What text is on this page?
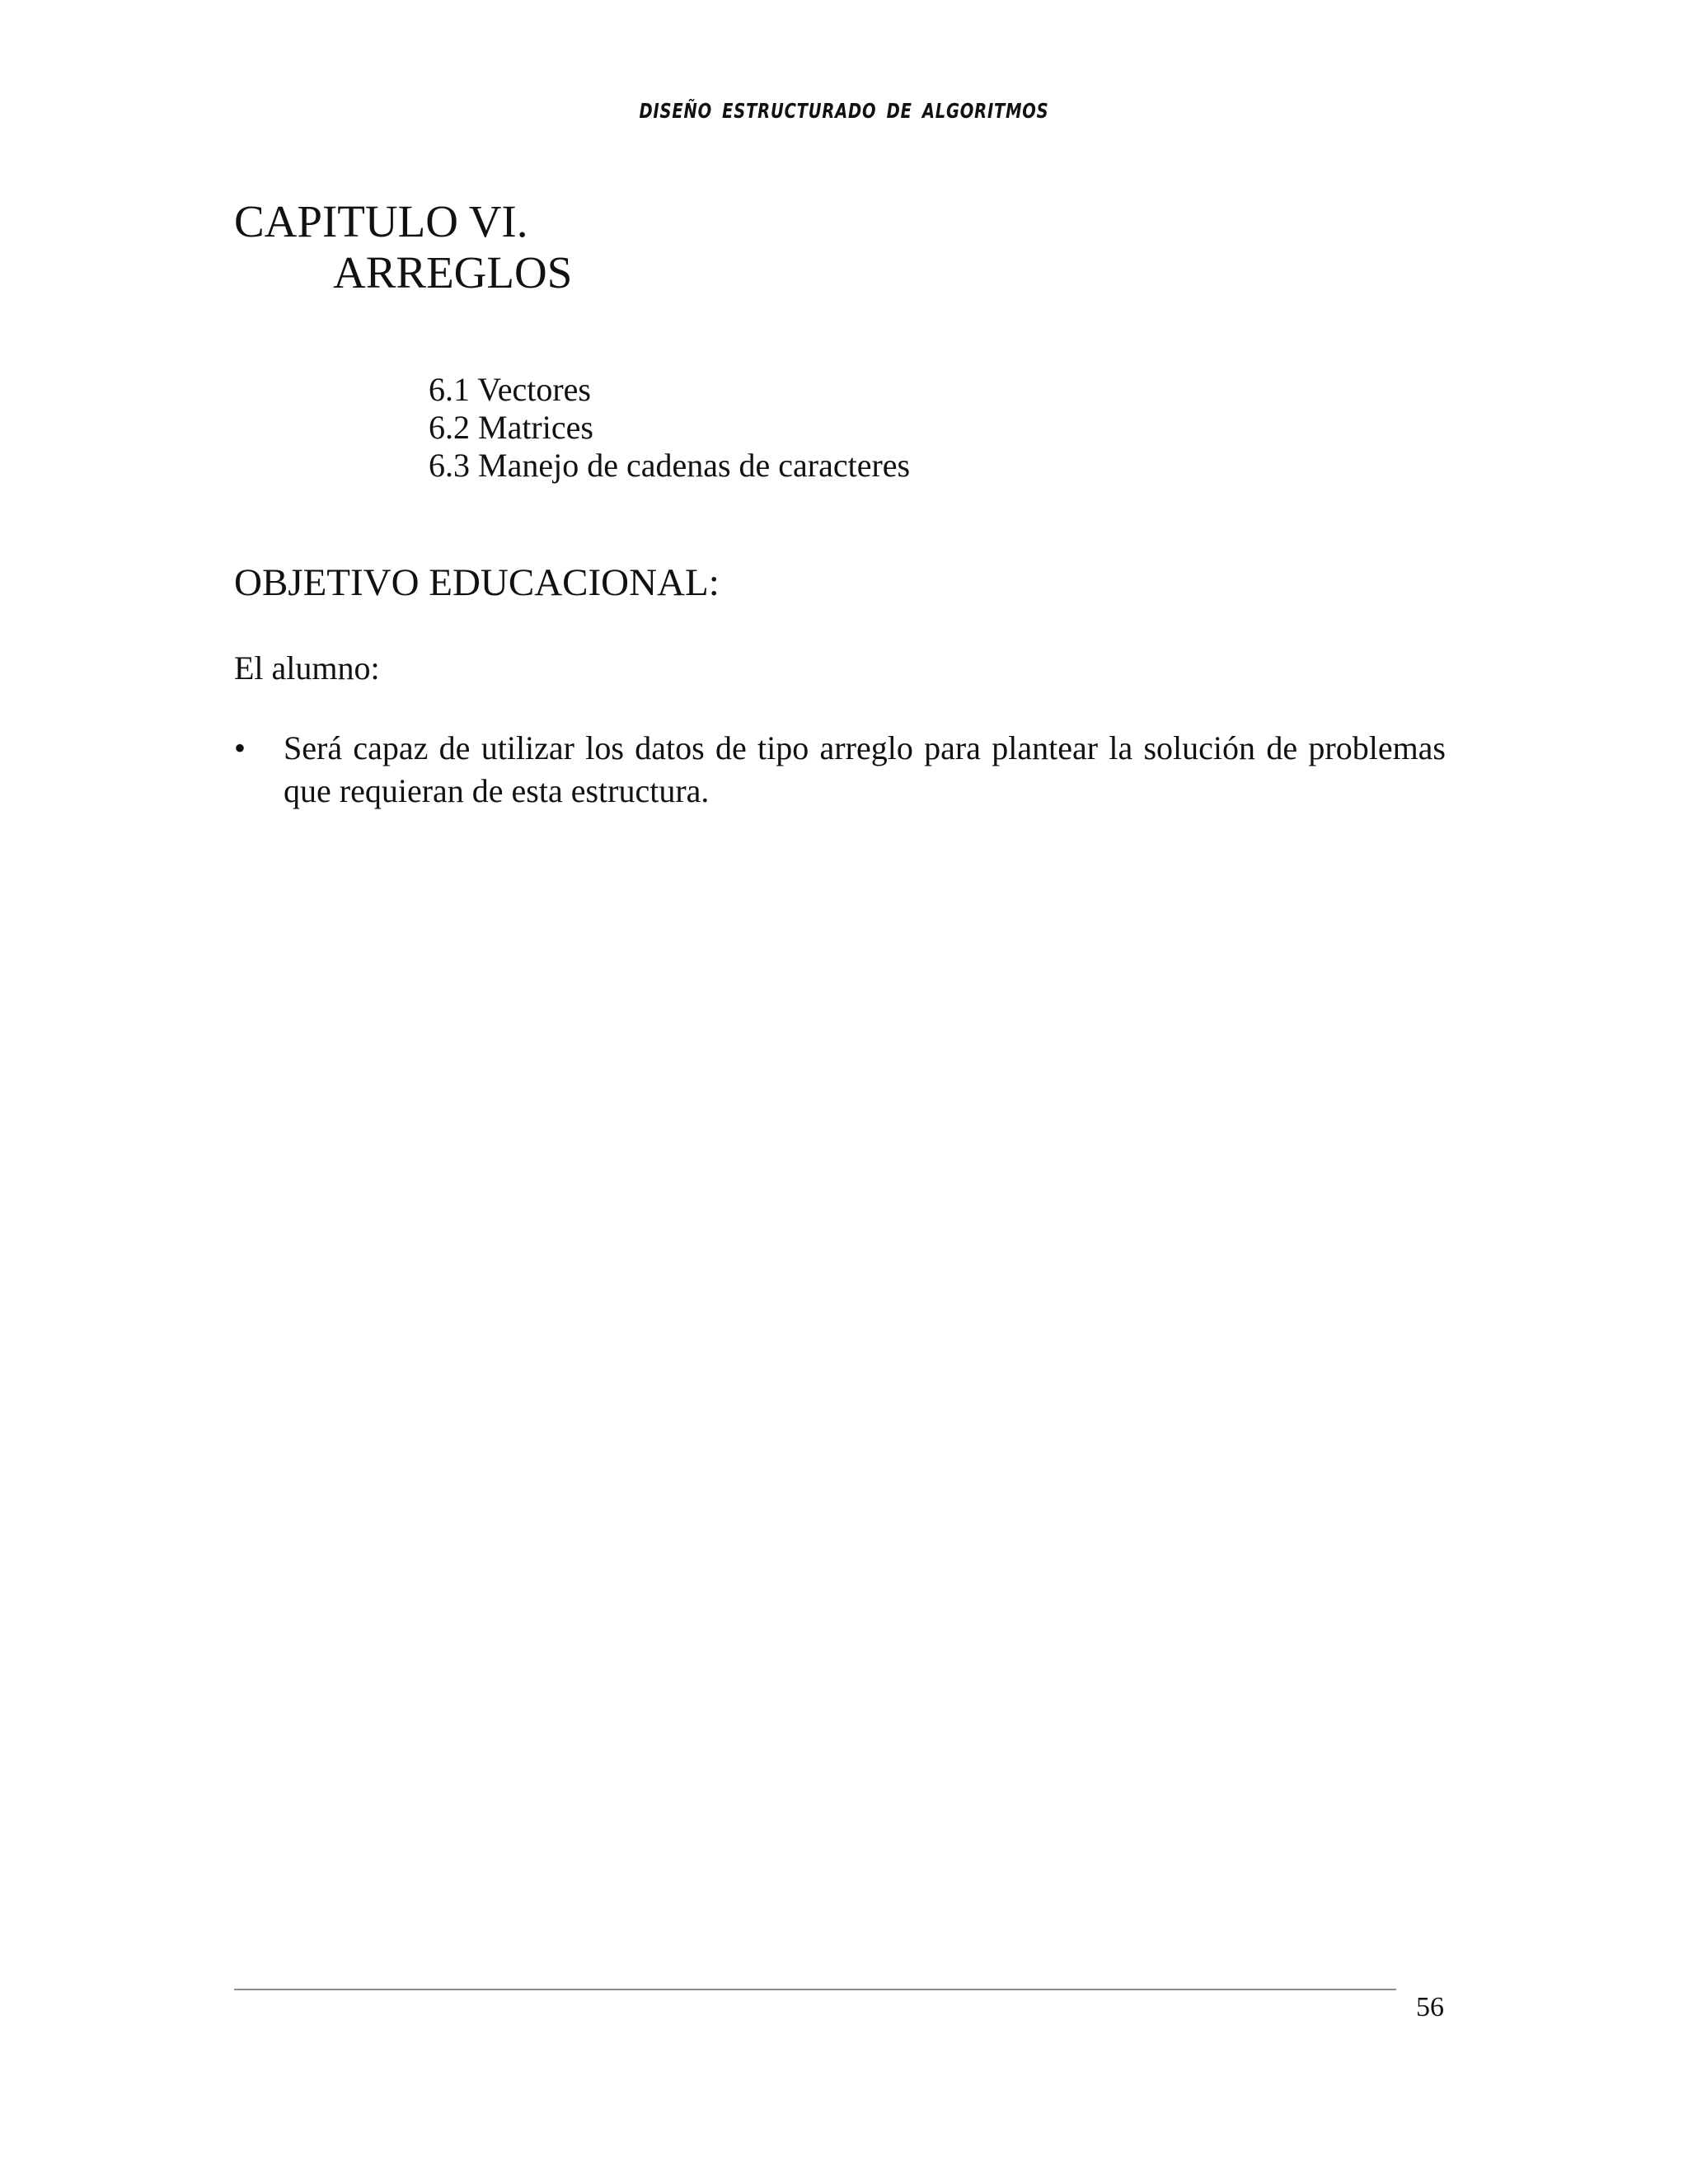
DISEÑO ESTRUCTURADO DE ALGORITMOS
CAPITULO VI.
ARREGLOS
6.1 Vectores
6.2 Matrices
6.3 Manejo de cadenas de caracteres
OBJETIVO EDUCACIONAL:

El alumno:

•	Será capaz de utilizar los datos de tipo arreglo para plantear la solución de problemas que requieran de esta estructura.
56
